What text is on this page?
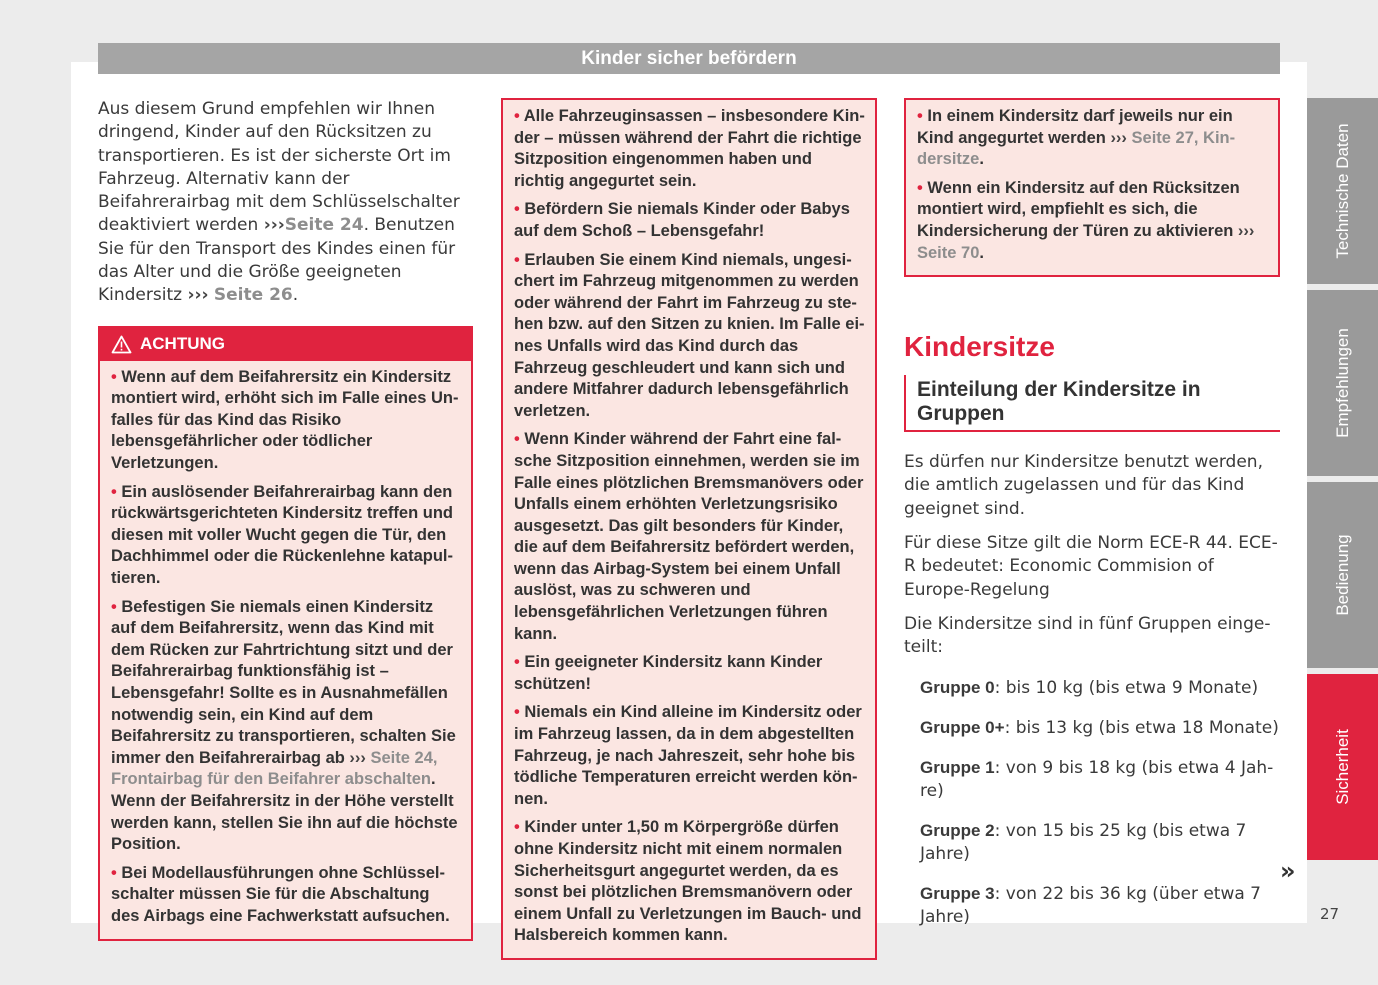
Kinder sicher befördern

Aus diesem Grund empfehlen wir Ihnen dringend, Kinder auf den Rücksitzen zu transportieren. Es ist der sicherste Ort im Fahrzeug. Alternativ kann der Beifahrerairbag mit dem Schlüsselschalter deaktiviert werden ›››Seite 24. Benutzen Sie für den Transport des Kindes einen für das Alter und die Größe geeigneten Kindersitz ››› Seite 26.

ACHTUNG

• Wenn auf dem Beifahrersitz ein Kindersitz montiert wird, erhöht sich im Falle eines Unfalles für das Kind das Risiko lebensgefährlicher oder tödlicher Verletzungen.

• Ein auslösender Beifahrerairbag kann den rückwärtsgerichteten Kindersitz treffen und diesen mit voller Wucht gegen die Tür, den Dachhimmel oder die Rückenlehne katapultieren.

• Befestigen Sie niemals einen Kindersitz auf dem Beifahrersitz, wenn das Kind mit dem Rücken zur Fahrtrichtung sitzt und der Beifahrerairbag funktionsfähig ist – Lebensgefahr! Sollte es in Ausnahmefällen notwendig sein, ein Kind auf dem Beifahrersitz zu transportieren, schalten Sie immer den Beifahrerairbag ab ››› Seite 24, Frontairbag für den Beifahrer abschalten. Wenn der Beifahrersitz in der Höhe verstellt werden kann, stellen Sie ihn auf die höchste Position.

• Bei Modellausführungen ohne Schlüsselschalter müssen Sie für die Abschaltung des Airbags eine Fachwerkstatt aufsuchen.

• Alle Fahrzeuginsassen – insbesondere Kinder – müssen während der Fahrt die richtige Sitzposition eingenommen haben und richtig angegurtet sein.

• Befördern Sie niemals Kinder oder Babys auf dem Schoß – Lebensgefahr!

• Erlauben Sie einem Kind niemals, ungesichert im Fahrzeug mitgenommen zu werden oder während der Fahrt im Fahrzeug zu stehen bzw. auf den Sitzen zu knien. Im Falle eines Unfalls wird das Kind durch das Fahrzeug geschleudert und kann sich und andere Mitfahrer dadurch lebensgefährlich verletzen.

• Wenn Kinder während der Fahrt eine falsche Sitzposition einnehmen, werden sie im Falle eines plötzlichen Bremsmanövers oder Unfalls einem erhöhten Verletzungsrisiko ausgesetzt. Das gilt besonders für Kinder, die auf dem Beifahrersitz befördert werden, wenn das Airbag-System bei einem Unfall auslöst, was zu schweren und lebensgefährlichen Verletzungen führen kann.

• Ein geeigneter Kindersitz kann Kinder schützen!

• Niemals ein Kind alleine im Kindersitz oder im Fahrzeug lassen, da in dem abgestellten Fahrzeug, je nach Jahreszeit, sehr hohe bis tödliche Temperaturen erreicht werden können.

• Kinder unter 1,50 m Körpergröße dürfen ohne Kindersitz nicht mit einem normalen Sicherheitsgurt angegurtet werden, da es sonst bei plötzlichen Bremsmanövern oder einem Unfall zu Verletzungen im Bauch- und Halsbereich kommen kann.

• In einem Kindersitz darf jeweils nur ein Kind angegurtet werden ››› Seite 27, Kindersitze.

• Wenn ein Kindersitz auf den Rücksitzen montiert wird, empfiehlt es sich, die Kindersicherung der Türen zu aktivieren ››› Seite 70.

Kindersitze
Einteilung der Kindersitze in Gruppen

Es dürfen nur Kindersitze benutzt werden, die amtlich zugelassen und für das Kind geeignet sind.

Für diese Sitze gilt die Norm ECE-R 44. ECE-R bedeutet: Economic Commision of Europe-Regelung

Die Kindersitze sind in fünf Gruppen eingeteilt:

Gruppe 0: bis 10 kg (bis etwa 9 Monate)

Gruppe 0+: bis 13 kg (bis etwa 18 Monate)

Gruppe 1: von 9 bis 18 kg (bis etwa 4 Jahre)

Gruppe 2: von 15 bis 25 kg (bis etwa 7 Jahre)

Gruppe 3: von 22 bis 36 kg (über etwa 7 Jahre)

»
Technische Daten
Empfehlungen
Bedienung
Sicherheit
27
